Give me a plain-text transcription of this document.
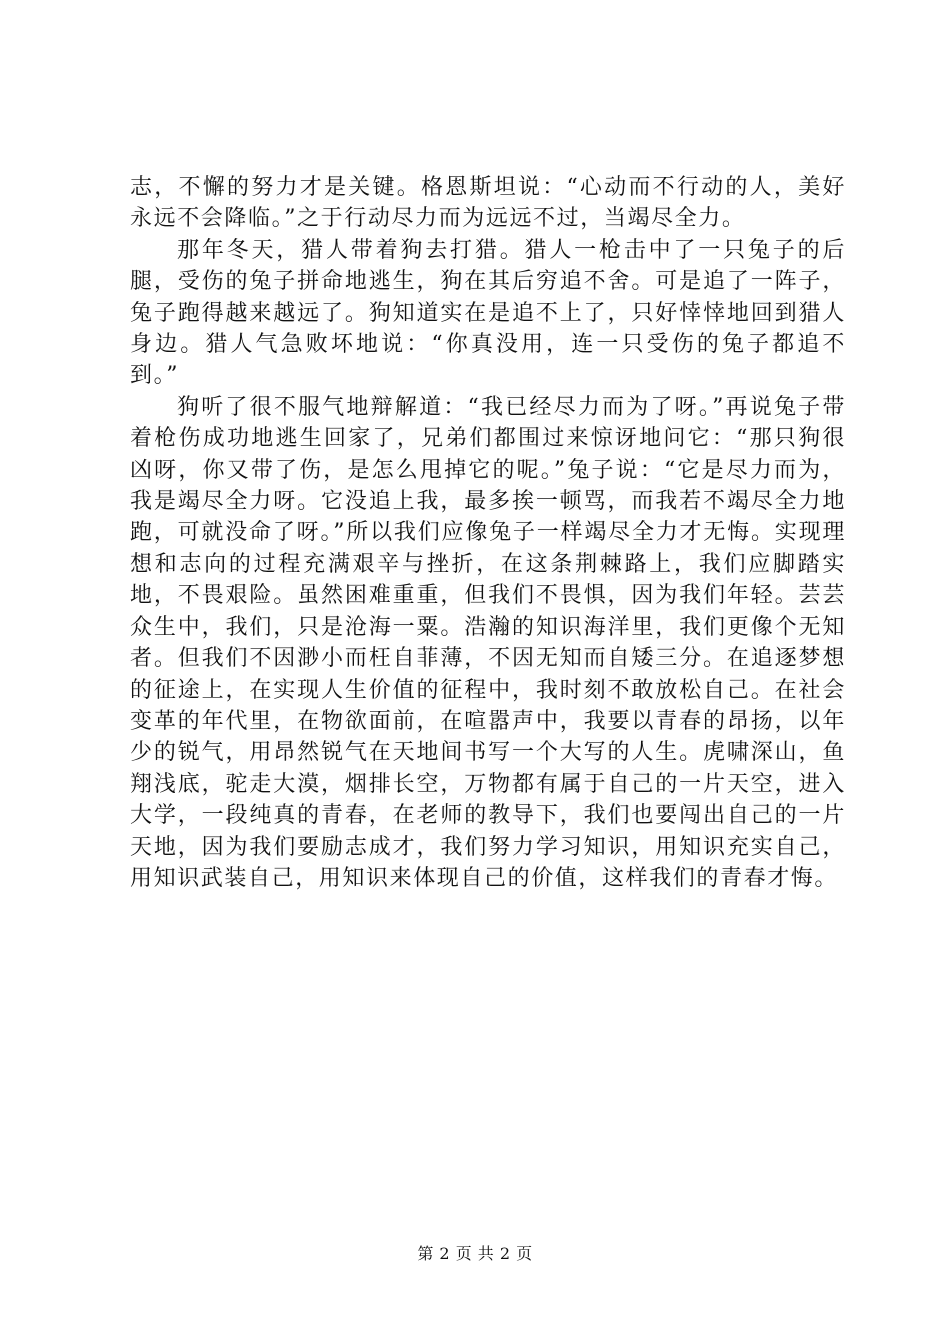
志，不懈的努力才是关键。格恩斯坦说：“心动而不行动的人，美好永远不会降临。”之于行动尽力而为远远不过，当竭尽全力。

那年冬天，猎人带着狗去打猎。猎人一枪击中了一只兔子的后腿，受伤的兔子拼命地逃生，狗在其后穷追不舍。可是追了一阵子，兔子跑得越来越远了。狗知道实在是追不上了，只好悻悻地回到猎人身边。猎人气急败坏地说：“你真没用，连一只受伤的兔子都追不到。”

狗听了很不服气地辩解道：“我已经尽力而为了呀。”再说兔子带着枪伤成功地逃生回家了，兄弟们都围过来惊讶地问它：“那只狗很凶呀，你又带了伤，是怎么甩掉它的呢。”兔子说：“它是尽力而为，我是竭尽全力呀。它没追上我，最多挨一顿骂，而我若不竭尽全力地跑，可就没命了呀。”所以我们应像兔子一样竭尽全力才无悔。实现理想和志向的过程充满艰辛与挫折，在这条荆棘路上，我们应脚踏实地，不畏艰险。虽然困难重重，但我们不畏惧，因为我们年轻。芸芸众生中，我们，只是沧海一粟。浩瀚的知识海洋里，我们更像个无知者。但我们不因渺小而枉自菲薄，不因无知而自矮三分。在追逐梦想的征途上，在实现人生价值的征程中，我时刻不敢放松自己。在社会变革的年代里，在物欲面前，在喧嚣声中，我要以青春的昂扬，以年少的锐气，用昂然锐气在天地间书写一个大写的人生。虎啸深山，鱼翔浅底，驼走大漠，烟排长空，万物都有属于自己的一片天空，进入大学，一段纯真的青春，在老师的教导下，我们也要闯出自己的一片天地，因为我们要励志成才，我们努力学习知识，用知识充实自己，用知识武装自己，用知识来体现自己的价值，这样我们的青春才悔。

第 2 页 共 2 页
